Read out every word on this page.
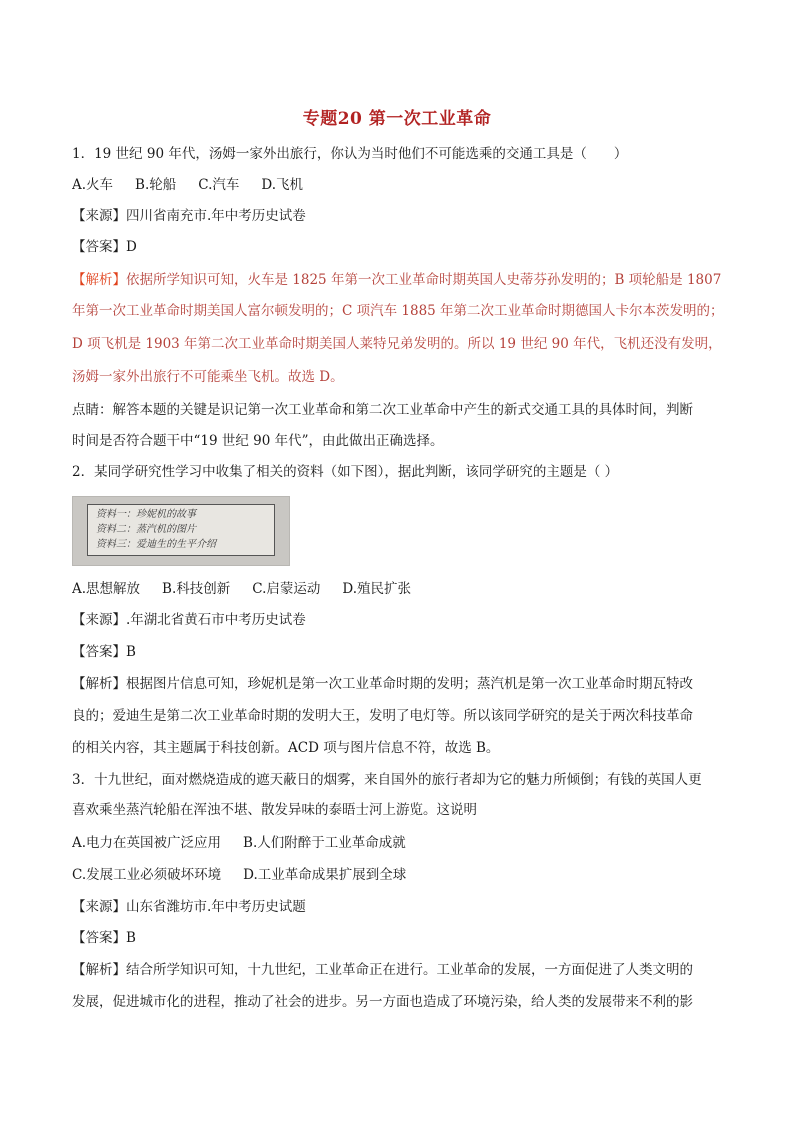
专题20 第一次工业革命
1．19 世纪 90 年代，汤姆一家外出旅行，你认为当时他们不可能选乘的交通工具是（　　）
A.火车 B.轮船 C.汽车 D.飞机
【来源】四川省南充市.年中考历史试卷
【答案】D
【解析】依据所学知识可知，火车是 1825 年第一次工业革命时期英国人史蒂芬孙发明的；B 项轮船是 1807
年第一次工业革命时期美国人富尔顿发明的；C 项汽车 1885 年第二次工业革命时期德国人卡尔本茨发明的；
D 项飞机是 1903 年第二次工业革命时期美国人莱特兄弟发明的。所以 19 世纪 90 年代，飞机还没有发明，
汤姆一家外出旅行不可能乘坐飞机。故选 D。
点睛：解答本题的关键是识记第一次工业革命和第二次工业革命中产生的新式交通工具的具体时间，判断
时间是否符合题干中“19 世纪 90 年代”，由此做出正确选择。
2．某同学研究性学习中收集了相关的资料（如下图），据此判断，该同学研究的主题是（ ）
资料一：珍妮机的故事
资料二：蒸汽机的图片
资料三：爱迪生的生平介绍
A.思想解放 B.科技创新 C.启蒙运动 D.殖民扩张
【来源】.年湖北省黄石市中考历史试卷
【答案】B
【解析】根据图片信息可知，珍妮机是第一次工业革命时期的发明；蒸汽机是第一次工业革命时期瓦特改
良的；爱迪生是第二次工业革命时期的发明大王，发明了电灯等。所以该同学研究的是关于两次科技革命
的相关内容，其主题属于科技创新。ACD 项与图片信息不符，故选 B。
3．十九世纪，面对燃烧造成的遮天蔽日的烟雾，来自国外的旅行者却为它的魅力所倾倒；有钱的英国人更
喜欢乘坐蒸汽轮船在浑浊不堪、散发异味的泰晤士河上游览。这说明
A.电力在英国被广泛应用 B.人们附醉于工业革命成就
C.发展工业必须破坏环境 D.工业革命成果扩展到全球
【来源】山东省潍坊市.年中考历史试题
【答案】B
【解析】结合所学知识可知，十九世纪，工业革命正在进行。工业革命的发展，一方面促进了人类文明的
发展，促进城市化的进程，推动了社会的进步。另一方面也造成了环境污染，给人类的发展带来不利的影
